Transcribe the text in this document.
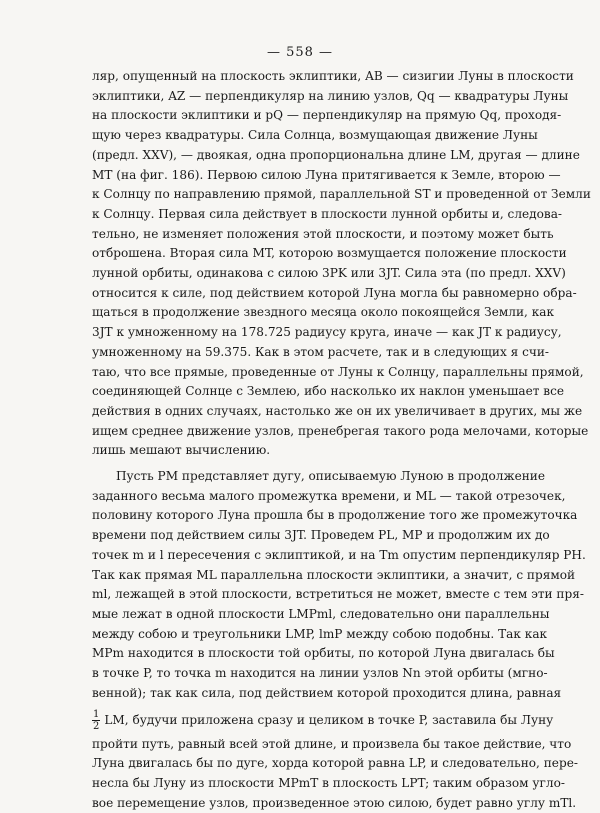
— 558 —
ляр, опущенный на плоскость эклиптики, AB — сизигии Луны в плоскости
эклиптики, AZ — перпендикуляр на линию узлов, Qq — квадратуры Луны
на плоскости эклиптики и pQ — перпендикуляр на прямую Qq, проходя-
щую через квадратуры. Сила Солнца, возмущающая движение Луны
(предл. XXV), — двоякая, одна пропорциональна длине LM, другая — длине
MT (на фиг. 186). Первою силою Луна притягивается к Земле, второю —
к Солнцу по направлению прямой, параллельной ST и проведенной от Земли
к Солнцу. Первая сила действует в плоскости лунной орбиты и, следова-
тельно, не изменяет положения этой плоскости, и поэтому может быть
отброшена. Вторая сила MT, которою возмущается положение плоскости
лунной орбиты, одинакова с силою 3PK или 3JT. Сила эта (по предл. XXV)
относится к силе, под действием которой Луна могла бы равномерно обра-
щаться в продолжение звездного месяца около покоящейся Земли, как
3JT к умноженному на 178.725 радиусу круга, иначе — как JT к радиусу,
умноженному на 59.375. Как в этом расчете, так и в следующих я счи-
таю, что все прямые, проведенные от Луны к Солнцу, параллельны прямой,
соединяющей Солнце с Землею, ибо насколько их наклон уменьшает все
действия в одних случаях, настолько же он их увеличивает в других, мы же
ищем среднее движение узлов, пренебрегая такого рода мелочами, которые
лишь мешают вычислению.
Пусть PM представляет дугу, описываемую Луною в продолжение
заданного весьма малого промежутка времени, и ML — такой отрезочек,
половину которого Луна прошла бы в продолжение того же промежуточка
времени под действием силы 3JT. Проведем PL, MP и продолжим их до
точек m и l пересечения с эклиптикой, и на Tm опустим перпендикуляр PH.
Так как прямая ML параллельна плоскости эклиптики, а значит, с прямой
ml, лежащей в этой плоскости, встретиться не может, вместе с тем эти пря-
мые лежат в одной плоскости LMPml, следовательно они параллельны
между собою и треугольники LMP, lmP между собою подобны. Так как
MPm находится в плоскости той орбиты, по которой Луна двигалась бы
в точке P, то точка m находится на линии узлов Nn этой орбиты (мгно-
венной); так как сила, под действием которой проходится длина, равная
$\frac{1}{2}$ LM, будучи приложена сразу и целиком в точке P, заставила бы Луну
пройти путь, равный всей этой длине, и произвела бы такое действие, что
Луна двигалась бы по дуге, хорда которой равна LP, и следовательно, пере-
несла бы Луну из плоскости MPmT в плоскость LPT; таким образом угло-
вое перемещение узлов, произведенное этою силою, будет равно углу mTl.
